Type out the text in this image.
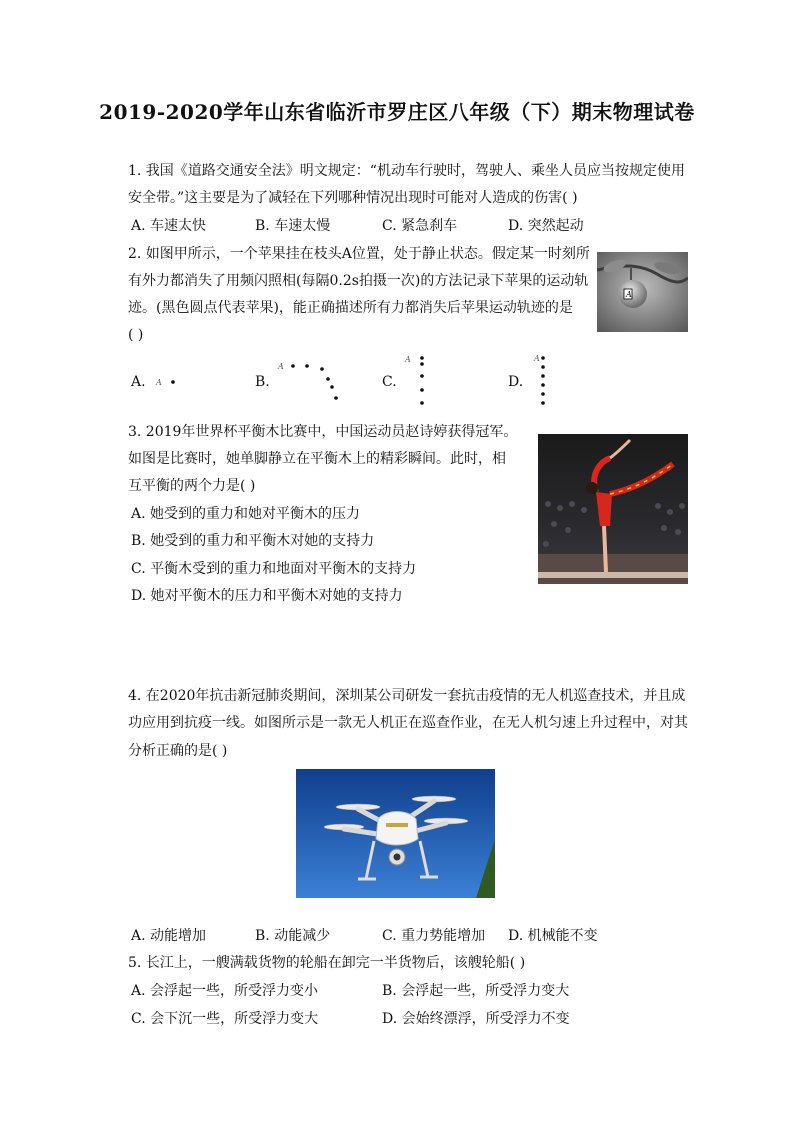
2019-2020学年山东省临沂市罗庄区八年级（下）期末物理试卷
1. 我国《道路交通安全法》明文规定：“机动车行驶时，驾驶人、乘坐人员应当按规定使用
安全带。”这主要是为了减轻在下列哪种情况出现时可能对人造成的伤害( )
A. 车速太快	B. 车速太慢	C. 紧急刹车	D. 突然起动
2. 如图甲所示，一个苹果挂在枝头A位置，处于静止状态。假定某一时刻所
有外力都消失了用频闪照相(每隔0.2s拍摄一次)的方法记录下苹果的运动轨
迹。(黑色圆点代表苹果)，能正确描述所有力都消失后苹果运动轨迹的是
( )
A
A. A	B.
A
C.
A
D.
A
3. 2019年世界杯平衡木比赛中，中国运动员赵诗婷获得冠军。
如图是比赛时，她单脚静立在平衡木上的精彩瞬间。此时，相
互平衡的两个力是( )
A. 她受到的重力和她对平衡木的压力
B. 她受到的重力和平衡木对她的支持力
C. 平衡木受到的重力和地面对平衡木的支持力
D. 她对平衡木的压力和平衡木对她的支持力
4. 在2020年抗击新冠肺炎期间，深圳某公司研发一套抗击疫情的无人机巡查技术，并且成
功应用到抗疫一线。如图所示是一款无人机正在巡查作业，在无人机匀速上升过程中，对其
分析正确的是( )
A. 动能增加	B. 动能减少	C. 重力势能增加 D. 机械能不变
5. 长江上，一艘满载货物的轮船在卸完一半货物后，该艘轮船( )
A. 会浮起一些，所受浮力变小	B. 会浮起一些，所受浮力变大
C. 会下沉一些，所受浮力变大	D. 会始终漂浮，所受浮力不变
